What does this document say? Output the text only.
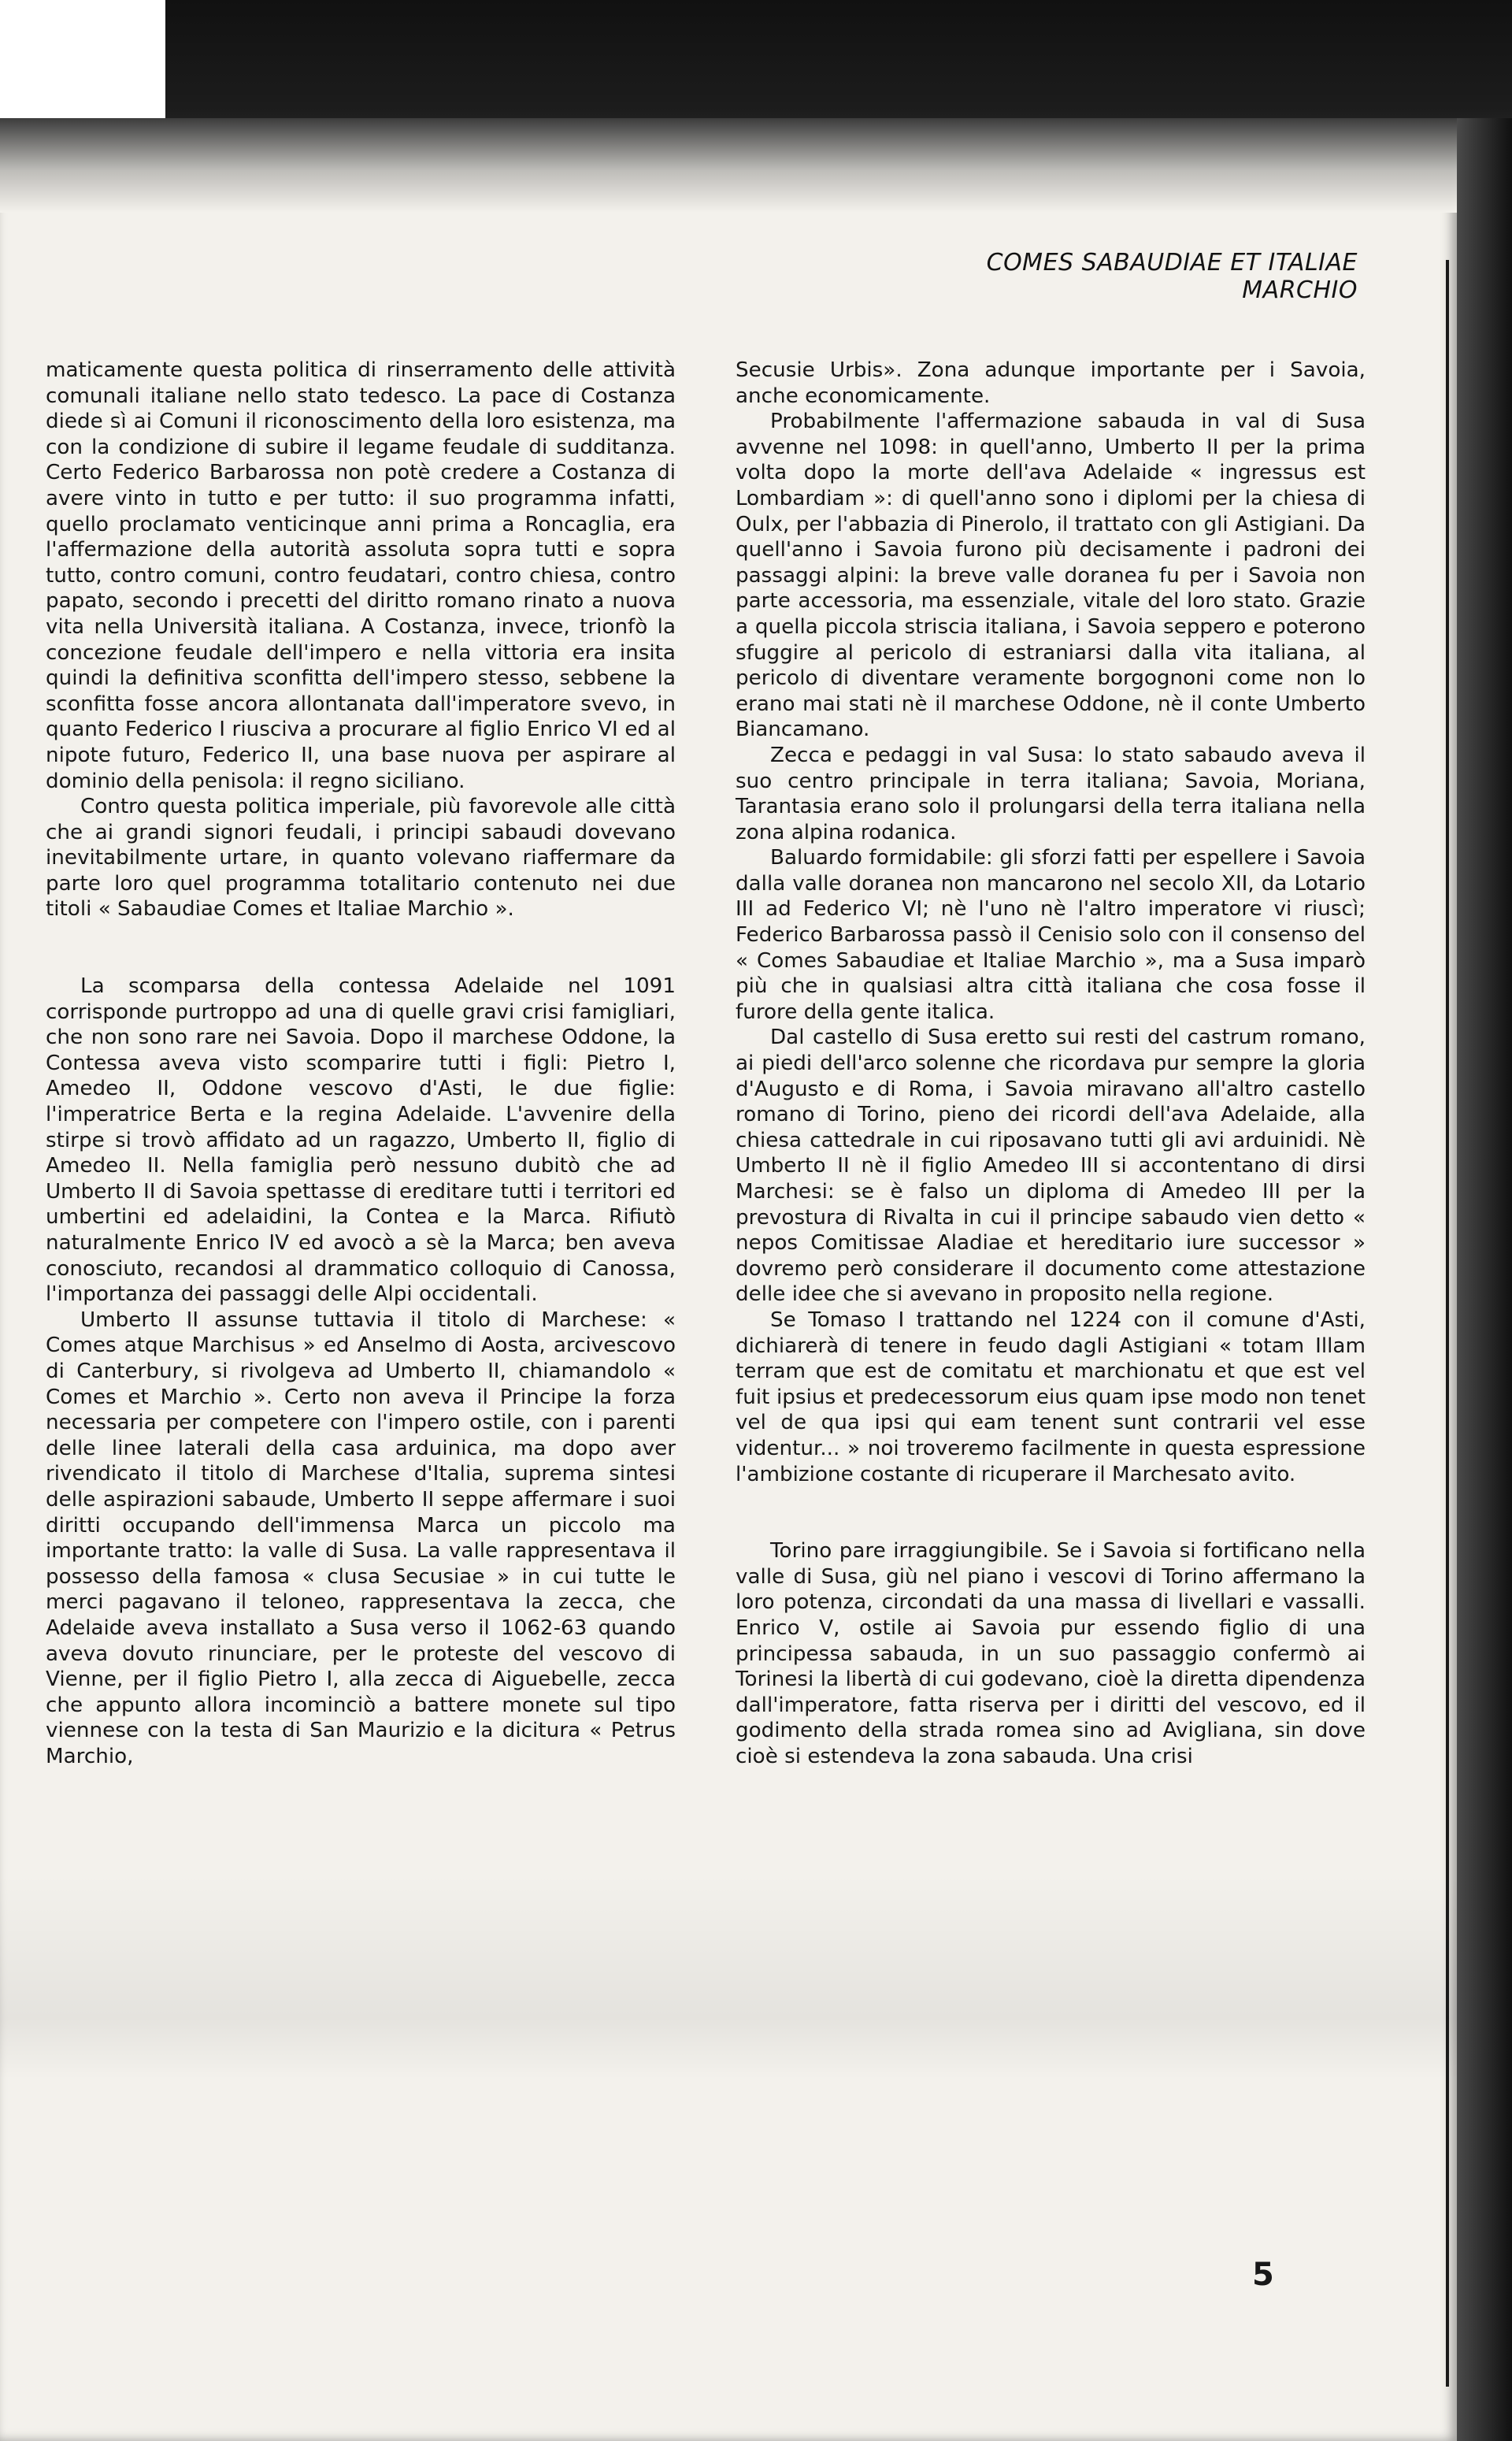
COMES SABAUDIAE ET ITALIAE MARCHIO

maticamente questa politica di rinserramento delle attività comunali italiane nello stato tedesco. La pace di Costanza diede sì ai Comuni il riconoscimento della loro esistenza, ma con la condizione di subire il legame feudale di sudditanza. Certo Federico Barbarossa non potè credere a Costanza di avere vinto in tutto e per tutto: il suo programma infatti, quello proclamato venticinque anni prima a Roncaglia, era l'affermazione della autorità assoluta sopra tutti e sopra tutto, contro comuni, contro feudatari, contro chiesa, contro papato, secondo i precetti del diritto romano rinato a nuova vita nella Università italiana. A Costanza, invece, trionfò la concezione feudale dell'impero e nella vittoria era insita quindi la definitiva sconfitta dell'impero stesso, sebbene la sconfitta fosse ancora allontanata dall'imperatore svevo, in quanto Federico I riusciva a procurare al figlio Enrico VI ed al nipote futuro, Federico II, una base nuova per aspirare al dominio della penisola: il regno siciliano.

Contro questa politica imperiale, più favorevole alle città che ai grandi signori feudali, i principi sabaudi dovevano inevitabilmente urtare, in quanto volevano riaffermare da parte loro quel programma totalitario contenuto nei due titoli « Sabaudiae Comes et Italiae Marchio ».

La scomparsa della contessa Adelaide nel 1091 corrisponde purtroppo ad una di quelle gravi crisi famigliari, che non sono rare nei Savoia. Dopo il marchese Oddone, la Contessa aveva visto scomparire tutti i figli: Pietro I, Amedeo II, Oddone vescovo d'Asti, le due figlie: l'imperatrice Berta e la regina Adelaide. L'avvenire della stirpe si trovò affidato ad un ragazzo, Umberto II, figlio di Amedeo II. Nella famiglia però nessuno dubitò che ad Umberto II di Savoia spettasse di ereditare tutti i territori ed umbertini ed adelaidini, la Contea e la Marca. Rifiutò naturalmente Enrico IV ed avocò a sè la Marca; ben aveva conosciuto, recandosi al drammatico colloquio di Canossa, l'importanza dei passaggi delle Alpi occidentali.

Umberto II assunse tuttavia il titolo di Marchese: « Comes atque Marchisus » ed Anselmo di Aosta, arcivescovo di Canterbury, si rivolgeva ad Umberto II, chiamandolo « Comes et Marchio ». Certo non aveva il Principe la forza necessaria per competere con l'impero ostile, con i parenti delle linee laterali della casa arduinica, ma dopo aver rivendicato il titolo di Marchese d'Italia, suprema sintesi delle aspirazioni sabaude, Umberto II seppe affermare i suoi diritti occupando dell'immensa Marca un piccolo ma importante tratto: la valle di Susa. La valle rappresentava il possesso della famosa « clusa Secusiae » in cui tutte le merci pagavano il teloneo, rappresentava la zecca, che Adelaide aveva installato a Susa verso il 1062-63 quando aveva dovuto rinunciare, per le proteste del vescovo di Vienne, per il figlio Pietro I, alla zecca di Aiguebelle, zecca che appunto allora incominciò a battere monete sul tipo viennese con la testa di San Maurizio e la dicitura « Petrus Marchio,

Secusie Urbis». Zona adunque importante per i Savoia, anche economicamente.

Probabilmente l'affermazione sabauda in val di Susa avvenne nel 1098: in quell'anno, Umberto II per la prima volta dopo la morte dell'ava Adelaide « ingressus est Lombardiam »: di quell'anno sono i diplomi per la chiesa di Oulx, per l'abbazia di Pinerolo, il trattato con gli Astigiani. Da quell'anno i Savoia furono più decisamente i padroni dei passaggi alpini: la breve valle doranea fu per i Savoia non parte accessoria, ma essenziale, vitale del loro stato. Grazie a quella piccola striscia italiana, i Savoia seppero e poterono sfuggire al pericolo di estraniarsi dalla vita italiana, al pericolo di diventare veramente borgognoni come non lo erano mai stati nè il marchese Oddone, nè il conte Umberto Biancamano.

Zecca e pedaggi in val Susa: lo stato sabaudo aveva il suo centro principale in terra italiana; Savoia, Moriana, Tarantasia erano solo il prolungarsi della terra italiana nella zona alpina rodanica.

Baluardo formidabile: gli sforzi fatti per espellere i Savoia dalla valle doranea non mancarono nel secolo XII, da Lotario III ad Federico VI; nè l'uno nè l'altro imperatore vi riuscì; Federico Barbarossa passò il Cenisio solo con il consenso del « Comes Sabaudiae et Italiae Marchio », ma a Susa imparò più che in qualsiasi altra città italiana che cosa fosse il furore della gente italica.

Dal castello di Susa eretto sui resti del castrum romano, ai piedi dell'arco solenne che ricordava pur sempre la gloria d'Augusto e di Roma, i Savoia miravano all'altro castello romano di Torino, pieno dei ricordi dell'ava Adelaide, alla chiesa cattedrale in cui riposavano tutti gli avi arduinidi. Nè Umberto II nè il figlio Amedeo III si accontentano di dirsi Marchesi: se è falso un diploma di Amedeo III per la prevostura di Rivalta in cui il principe sabaudo vien detto « nepos Comitissae Aladiae et hereditario iure successor » dovremo però considerare il documento come attestazione delle idee che si avevano in proposito nella regione.

Se Tomaso I trattando nel 1224 con il comune d'Asti, dichiarerà di tenere in feudo dagli Astigiani « totam Illam terram que est de comitatu et marchionatu et que est vel fuit ipsius et predecessorum eius quam ipse modo non tenet vel de qua ipsi qui eam tenent sunt contrarii vel esse videntur... » noi troveremo facilmente in questa espressione l'ambizione costante di ricuperare il Marchesato avito.

Torino pare irraggiungibile. Se i Savoia si fortificano nella valle di Susa, giù nel piano i vescovi di Torino affermano la loro potenza, circondati da una massa di livellari e vassalli. Enrico V, ostile ai Savoia pur essendo figlio di una principessa sabauda, in un suo passaggio confermò ai Torinesi la libertà di cui godevano, cioè la diretta dipendenza dall'imperatore, fatta riserva per i diritti del vescovo, ed il godimento della strada romea sino ad Avigliana, sin dove cioè si estendeva la zona sabauda. Una crisi

5
